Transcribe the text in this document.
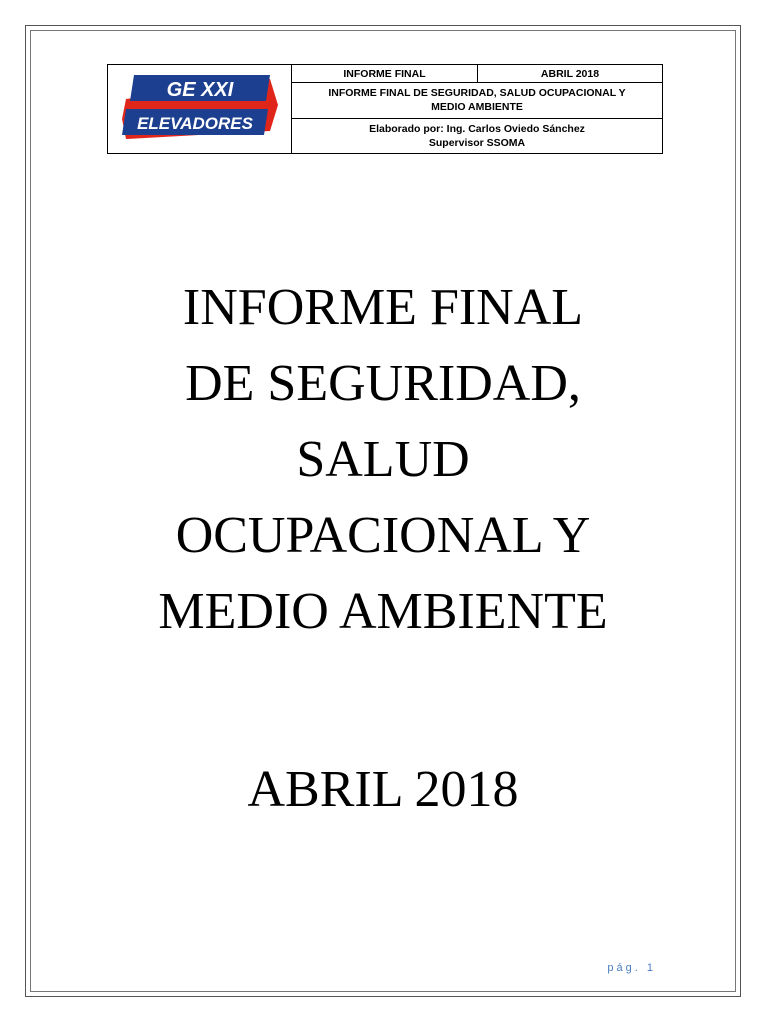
GE XXI
ELEVADORES
	INFORME FINAL	ABRIL 2018
INFORME FINAL DE SEGURIDAD, SALUD OCUPACIONAL Y MEDIO AMBIENTE

Elaborado por: Ing. Carlos Oviedo Sánchez
Supervisor SSOMA
INFORME FINAL
DE SEGURIDAD,
SALUD
OCUPACIONAL Y
MEDIO AMBIENTE
ABRIL 2018
pág. 1
